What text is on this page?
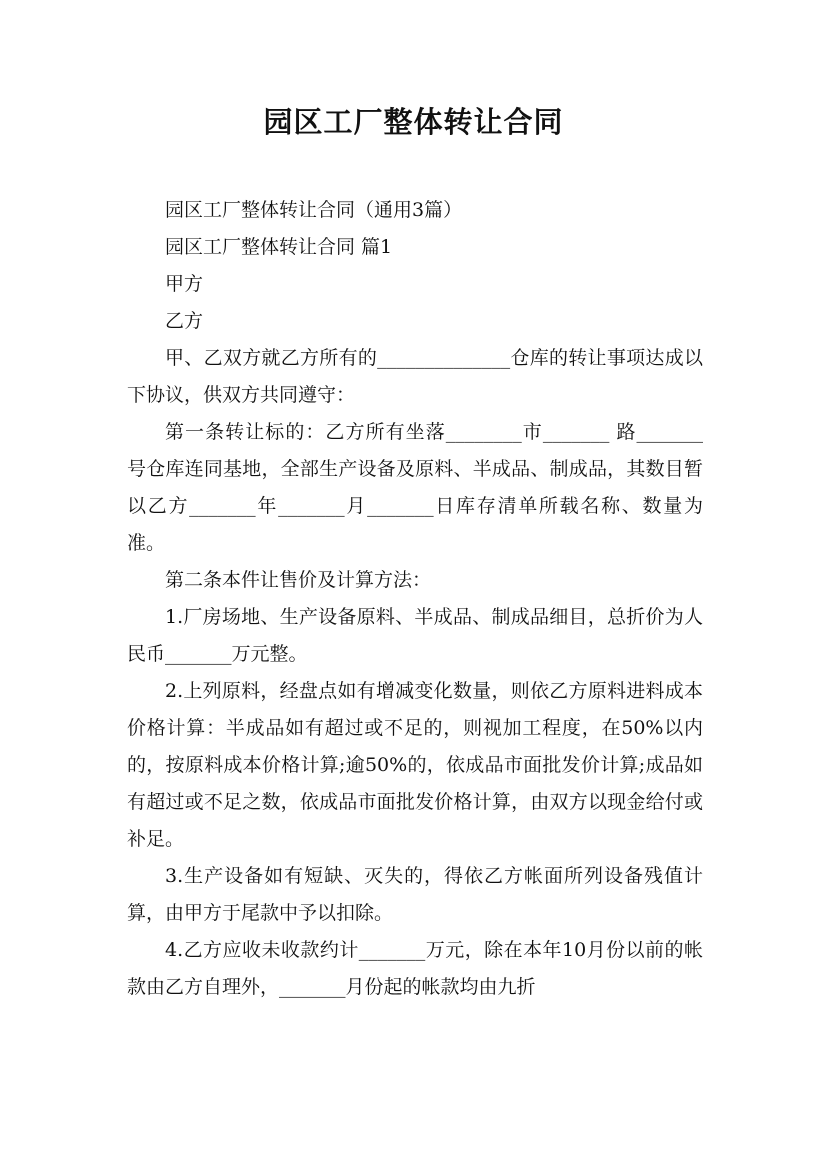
园区工厂整体转让合同

园区工厂整体转让合同（通用3篇）

园区工厂整体转让合同 篇1

甲方

乙方

甲、乙双方就乙方所有的______________仓库的转让事项达成以下协议，供双方共同遵守：

第一条转让标的：乙方所有坐落________市_______ 路_______号仓库连同基地，全部生产设备及原料、半成品、制成品，其数目暂以乙方_______年_______月_______日库存清单所载名称、数量为准。

第二条本件让售价及计算方法：

1.厂房场地、生产设备原料、半成品、制成品细目，总折价为人民币_______万元整。

2.上列原料，经盘点如有增减变化数量，则依乙方原料进料成本价格计算：半成品如有超过或不足的，则视加工程度，在50%以内的，按原料成本价格计算;逾50%的，依成品市面批发价计算;成品如有超过或不足之数，依成品市面批发价格计算，由双方以现金给付或补足。

3.生产设备如有短缺、灭失的，得依乙方帐面所列设备残值计算，由甲方于尾款中予以扣除。

4.乙方应收未收款约计_______万元，除在本年10月份以前的帐款由乙方自理外，_______月份起的帐款均由九折
